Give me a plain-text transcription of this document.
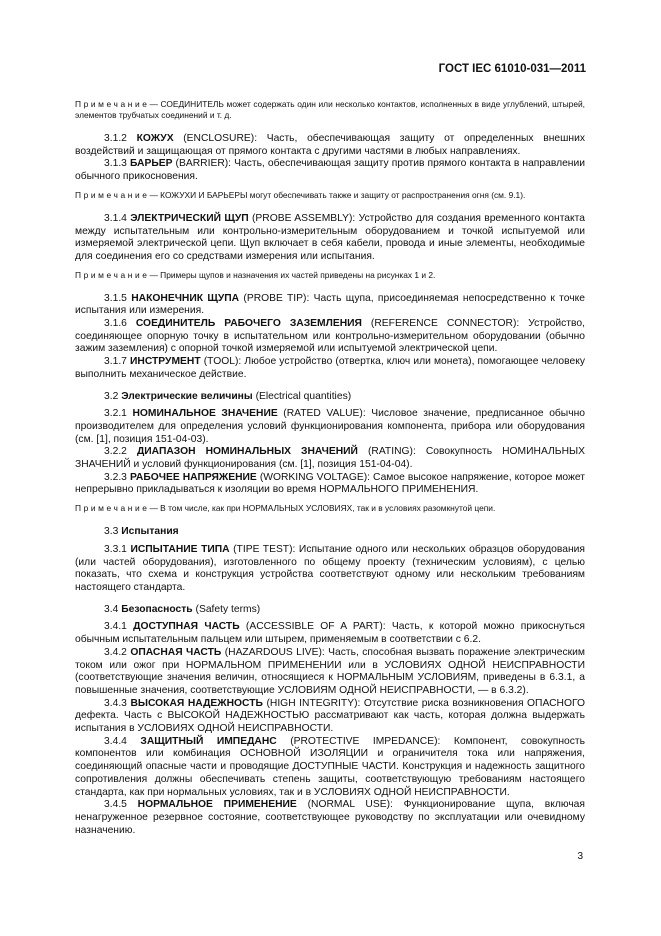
ГОСТ IEC 61010-031—2011

Примечание— СОЕДИНИТЕЛЬ может содержать один или несколько контактов, исполненных в виде углублений, штырей, элементов трубчатых соединений и т. д.

3.1.2 КОЖУХ (ENCLOSURE): Часть, обеспечивающая защиту от определенных внешних воздействий и защищающая от прямого контакта с другими частями в любых направлениях.

3.1.3 БАРЬЕР (BARRIER): Часть, обеспечивающая защиту против прямого контакта в направлении обычного прикосновения.

Примечание— КОЖУХИ И БАРЬЕРЫ могут обеспечивать также и защиту от распространения огня (см. 9.1).

3.1.4 ЭЛЕКТРИЧЕСКИЙ ЩУП (PROBE ASSEMBLY): Устройство для создания временного контакта между испытательным или контрольно-измерительным оборудованием и точкой испытуемой или измеряемой электрической цепи. Щуп включает в себя кабели, провода и иные элементы, необходимые для соединения его со средствами измерения или испытания.

Примечание— Примеры щупов и назначения их частей приведены на рисунках 1 и 2.

3.1.5 НАКОНЕЧНИК ЩУПА (PROBE TIP): Часть щупа, присоединяемая непосредственно к точке испытания или измерения.

3.1.6 СОЕДИНИТЕЛЬ РАБОЧЕГО ЗАЗЕМЛЕНИЯ (REFERENCE CONNECTOR): Устройство, соединяющее опорную точку в испытательном или контрольно-измерительном оборудовании (обычно зажим заземления) с опорной точкой измеряемой или испытуемой электрической цепи.

3.1.7 ИНСТРУМЕНТ (TOOL): Любое устройство (отвертка, ключ или монета), помогающее человеку выполнить механическое действие.

3.2 Электрические величины (Electrical quantities)

3.2.1 НОМИНАЛЬНОЕ ЗНАЧЕНИЕ (RATED VALUE): Числовое значение, предписанное обычно производителем для определения условий функционирования компонента, прибора или оборудования (см. [1], позиция 151-04-03).

3.2.2 ДИАПАЗОН НОМИНАЛЬНЫХ ЗНАЧЕНИЙ (RATING): Совокупность НОМИНАЛЬНЫХ ЗНАЧЕНИЙ и условий функционирования (см. [1], позиция 151-04-04).

3.2.3 РАБОЧЕЕ НАПРЯЖЕНИЕ (WORKING VOLTAGE): Самое высокое напряжение, которое может непрерывно прикладываться к изоляции во время НОРМАЛЬНОГО ПРИМЕНЕНИЯ.

Примечание— В том числе, как при НОРМАЛЬНЫХ УСЛОВИЯХ, так и в условиях разомкнутой цепи.

3.3 Испытания

3.3.1 ИСПЫТАНИЕ ТИПА (TIPE TEST): Испытание одного или нескольких образцов оборудования (или частей оборудования), изготовленного по общему проекту (техническим условиям), с целью показать, что схема и конструкция устройства соответствуют одному или нескольким требованиям настоящего стандарта.

3.4 Безопасность (Safety terms)

3.4.1 ДОСТУПНАЯ ЧАСТЬ (ACCESSIBLE OF A PART): Часть, к которой можно прикоснуться обычным испытательным пальцем или штырем, применяемым в соответствии с 6.2.

3.4.2 ОПАСНАЯ ЧАСТЬ (HAZARDOUS LIVE): Часть, способная вызвать поражение электрическим током или ожог при НОРМАЛЬНОМ ПРИМЕНЕНИИ или в УСЛОВИЯХ ОДНОЙ НЕИСПРАВНОСТИ (соответствующие значения величин, относящиеся к НОРМАЛЬНЫМ УСЛОВИЯМ, приведены в 6.3.1, а повышенные значения, соответствующие УСЛОВИЯМ ОДНОЙ НЕИСПРАВНОСТИ, — в 6.3.2).

3.4.3 ВЫСОКАЯ НАДЕЖНОСТЬ (HIGH INTEGRITY): Отсутствие риска возникновения ОПАСНОГО дефекта. Часть с ВЫСОКОЙ НАДЕЖНОСТЬЮ рассматривают как часть, которая должна выдержать испытания в УСЛОВИЯХ ОДНОЙ НЕИСПРАВНОСТИ.

3.4.4 ЗАЩИТНЫЙ ИМПЕДАНС (PROTECTIVE IMPEDANCE): Компонент, совокупность компонентов или комбинация ОСНОВНОЙ ИЗОЛЯЦИИ и ограничителя тока или напряжения, соединяющий опасные части и проводящие ДОСТУПНЫЕ ЧАСТИ. Конструкция и надежность защитного сопротивления должны обеспечивать степень защиты, соответствующую требованиям настоящего стандарта, как при нормальных условиях, так и в УСЛОВИЯХ ОДНОЙ НЕИСПРАВНОСТИ.

3.4.5 НОРМАЛЬНОЕ ПРИМЕНЕНИЕ (NORMAL USE): Функционирование щупа, включая ненагруженное резервное состояние, соответствующее руководству по эксплуатации или очевидному назначению.

3
